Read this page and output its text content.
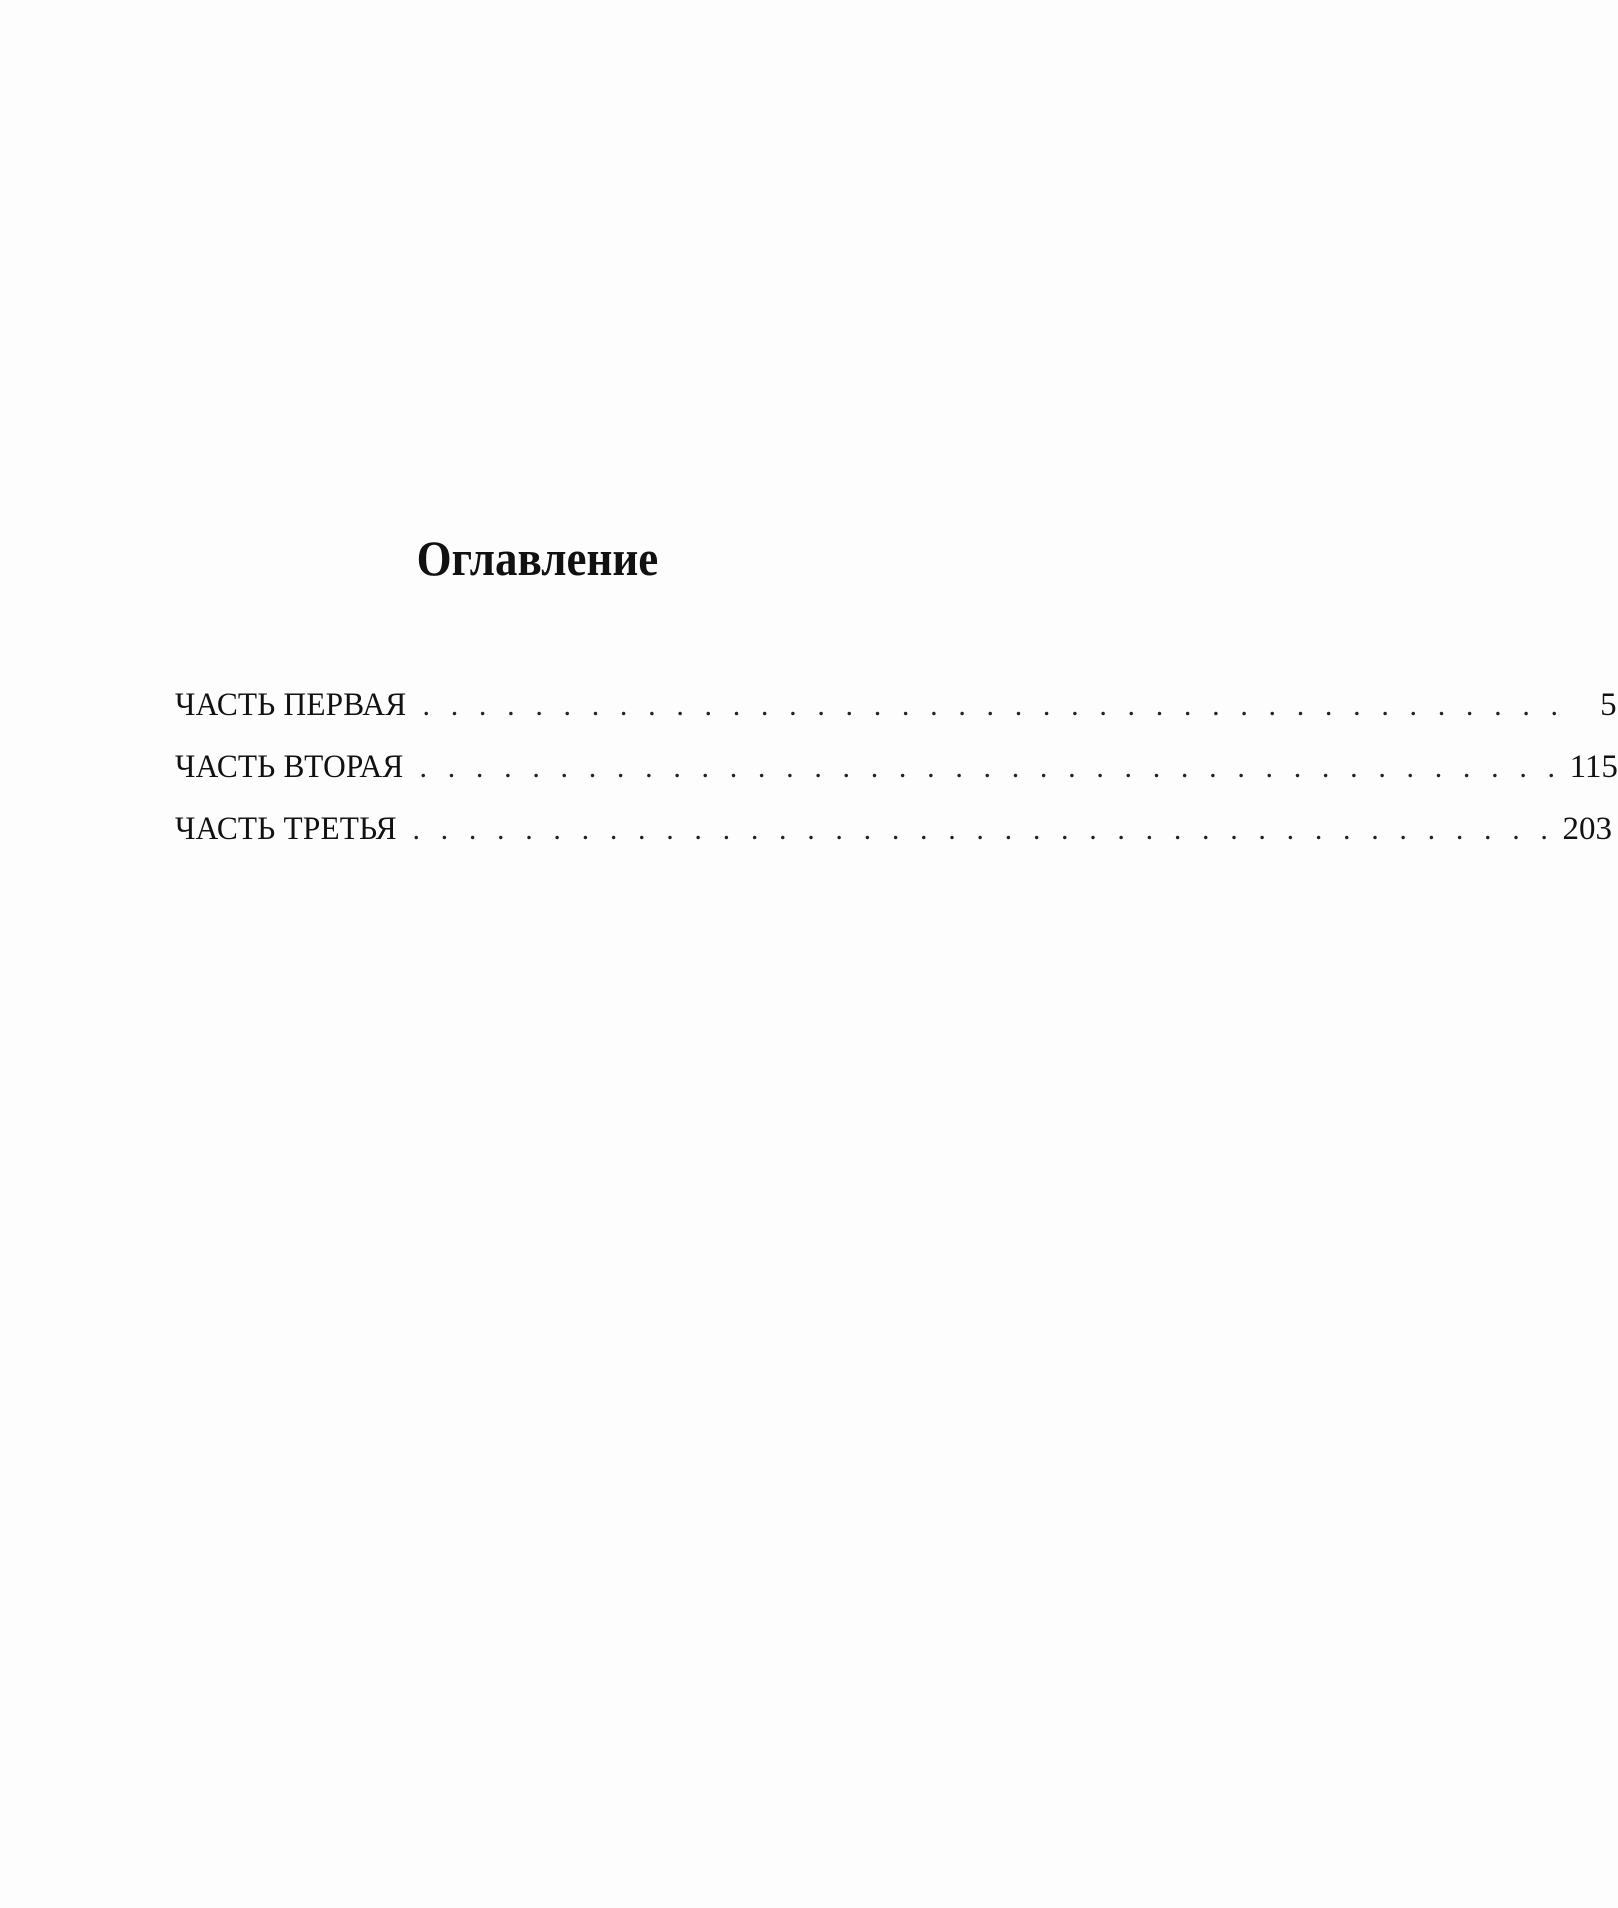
Оглавление
ЧАСТЬ ПЕРВАЯ . . . . . . . . . . . . . . . . . . . . . . . . . . . . . . . . . . . . . . . . .	5
ЧАСТЬ ВТОРАЯ . . . . . . . . . . . . . . . . . . . . . . . . . . . . . . . . . . . . . . . . . 115
ЧАСТЬ ТРЕТЬЯ . . . . . . . . . . . . . . . . . . . . . . . . . . . . . . . . . . . . . . . . . 203
